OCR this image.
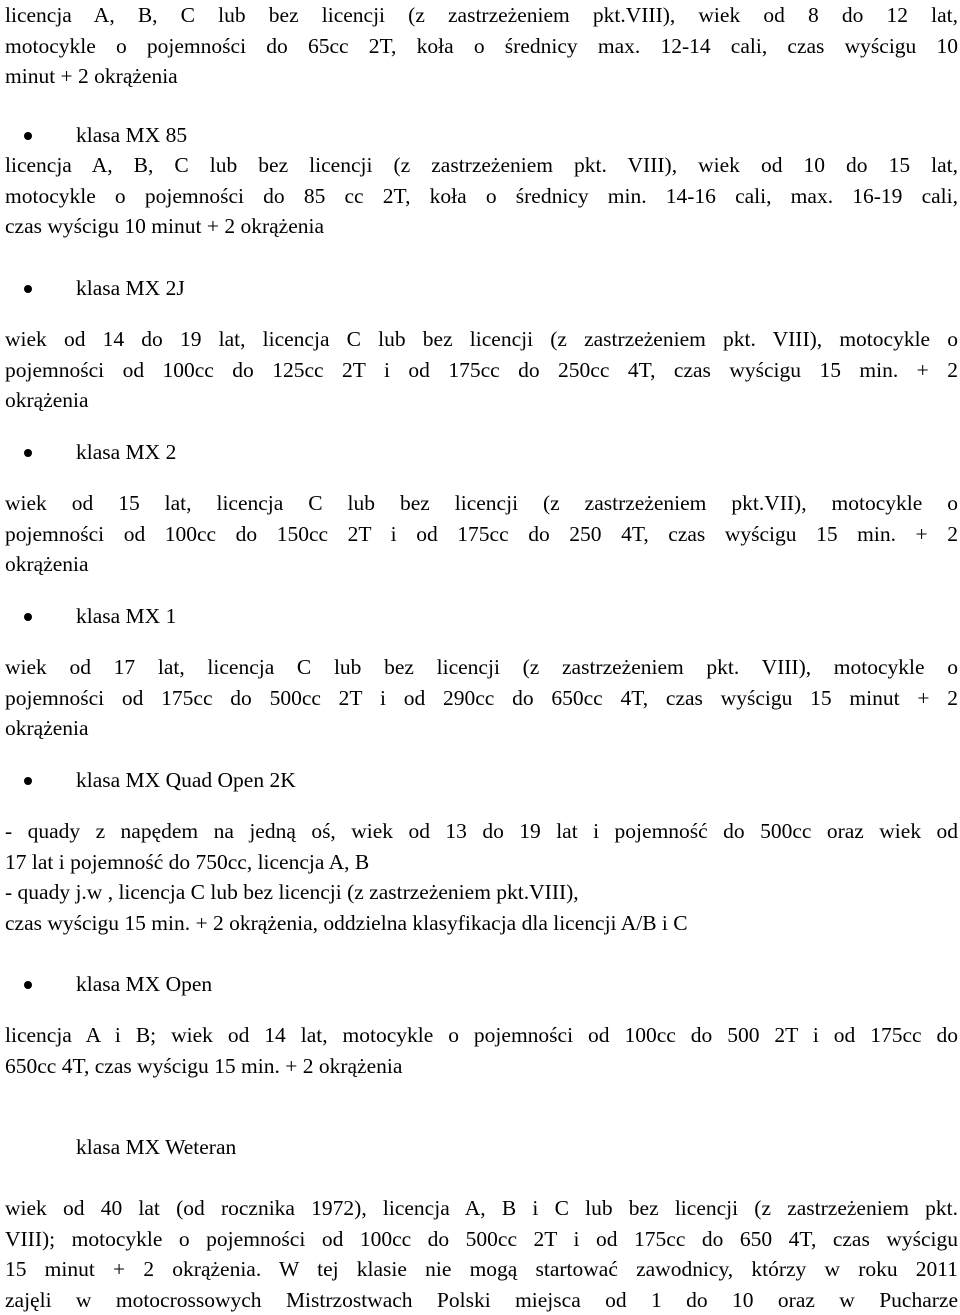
licencja A, B, C lub bez licencji (z zastrzeżeniem pkt.VIII), wiek od 8 do 12 lat,
motocykle o pojemności do 65cc 2T, koła o średnicy max. 12-14 cali, czas wyścigu 10
minut + 2 okrążenia
klasa MX 85
licencja A, B, C lub bez licencji (z zastrzeżeniem pkt. VIII), wiek od 10 do 15 lat,
motocykle o pojemności do 85 cc 2T, koła o średnicy min. 14-16 cali, max. 16-19 cali,
czas wyścigu 10 minut + 2 okrążenia
klasa MX 2J
wiek od 14 do 19 lat, licencja C lub bez licencji (z zastrzeżeniem pkt. VIII), motocykle o
pojemności od 100cc do 125cc 2T i od 175cc do 250cc 4T, czas wyścigu 15 min. + 2
okrążenia
klasa MX 2
wiek od 15 lat, licencja C lub bez licencji (z zastrzeżeniem pkt.VII), motocykle o
pojemności od 100cc do 150cc 2T i od 175cc do 250 4T, czas wyścigu 15 min. + 2
okrążenia
klasa MX 1
wiek od 17 lat, licencja C lub bez licencji (z zastrzeżeniem pkt. VIII), motocykle o
pojemności od 175cc do 500cc 2T i od 290cc do 650cc 4T, czas wyścigu 15 minut + 2
okrążenia
klasa MX Quad Open 2K
- quady z napędem na jedną oś, wiek od 13 do 19 lat i pojemność do 500cc oraz wiek od
17 lat i pojemność do 750cc, licencja A, B
- quady j.w , licencja C lub bez licencji (z zastrzeżeniem pkt.VIII),
czas wyścigu 15 min. + 2 okrążenia, oddzielna klasyfikacja dla licencji A/B i C
klasa MX Open
licencja A i B; wiek od 14 lat, motocykle o pojemności od 100cc do 500 2T i od 175cc do
650cc 4T, czas wyścigu 15 min. + 2 okrążenia
klasa MX Weteran
wiek od 40 lat (od rocznika 1972), licencja A, B i C lub bez licencji (z zastrzeżeniem pkt.
VIII); motocykle o pojemności od 100cc do 500cc 2T i od 175cc do 650 4T, czas wyścigu
15 minut + 2 okrążenia. W tej klasie nie mogą startować zawodnicy, którzy w roku 2011
zajęli w motocrossowych Mistrzostwach Polski miejsca od 1 do 10 oraz w Pucharze
